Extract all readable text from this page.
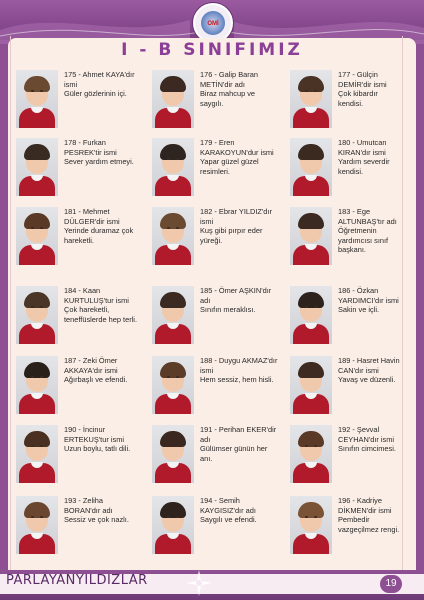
OMİ
I - B SINIFIMIZ
175 - Ahmet KAYA'dır
ismi
Güler gözlerinin içi.
176 - Galip Baran
METİN'dir adı
Biraz mahcup ve
saygılı.
177 - Gülçin
DEMİR'dir ismi
Çok kibardır
kendisi.
178 - Furkan
PESREK'tir ismi
Sever yardım etmeyi.
179 - Eren
KARAKOYUN'dur ismi
Yapar güzel güzel
resimleri.
180 - Umutcan
KIRAN'dır ismi
Yardım severdir
kendisi.
181 - Mehmet
DÜLGER'dir ismi
Yerinde duramaz çok
hareketli.
182 - Ebrar YILDIZ'dır
ismi
Kuş gibi pırpır eder
yüreği.
183 - Ege
ALTUNBAŞ'tır adı
Öğretmenin
yardımcısı sınıf
başkanı.
184 - Kaan
KURTULUŞ'tur ismi
Çok hareketli,
teneffüslerde hep terli.
185 - Ömer AŞKIN'dır
adı
Sınıfın meraklısı.
186 - Özkan
YARDIMCI'dır ismi
Sakin ve içli.
187 - Zeki Ömer
AKKAYA'dır ismi
Ağırbaşlı ve efendi.
188 - Duygu AKMAZ'dır
ismi
Hem sessiz, hem hisli.
189 - Hasret Havin
CAN'dır ismi
Yavaş ve düzenli.
190 - İncinur
ERTEKUŞ'tur ismi
Uzun boylu, tatlı dili.
191 - Perihan EKER'dir
adı
Gülümser günün her
anı.
192 - Şevval
CEYHAN'dır ismi
Sınıfın cimcimesi.
193 - Zeliha
BORAN'dır adı
Sessiz ve çok nazlı.
194 - Semih
KAYGISIZ'dır adı
Saygılı ve efendi.
196 - Kadriye
DİKMEN'dir ismi
Pembedir
vazgeçilmez rengi.
PARLAYANYILDIZLAR	19
